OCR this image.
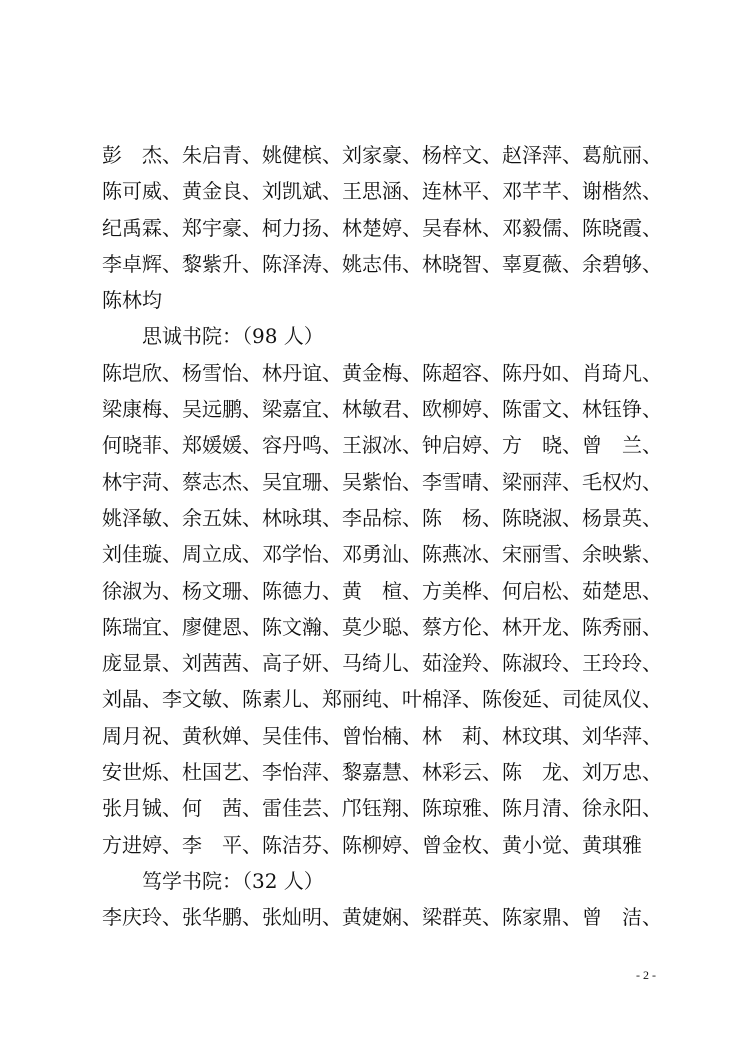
彭　杰、朱启青、姚健槟、刘家豪、杨梓文、赵泽萍、葛航丽、
陈可威、黄金良、刘凯斌、王思涵、连林平、邓芊芊、谢楷然、
纪禹霖、郑宇豪、柯力扬、林楚婷、吴春林、邓毅儒、陈晓霞、
李卓辉、黎紫升、陈泽涛、姚志伟、林晓智、辜夏薇、余碧够、
陈林均
思诚书院：（98 人）
陈垲欣、杨雪怡、林丹谊、黄金梅、陈超容、陈丹如、肖琦凡、
梁康梅、吴远鹏、梁嘉宜、林敏君、欧柳婷、陈雷文、林钰铮、
何晓菲、郑媛媛、容丹鸣、王淑冰、钟启婷、方　晓、曾　兰、
林宇菏、蔡志杰、吴宜珊、吴紫怡、李雪晴、梁丽萍、毛权灼、
姚泽敏、余五妹、林咏琪、李品棕、陈　杨、陈晓淑、杨景英、
刘佳璇、周立成、邓学怡、邓勇汕、陈燕冰、宋丽雪、余映紫、
徐淑为、杨文珊、陈德力、黄　楦、方美桦、何启松、茹楚思、
陈瑞宜、廖健恩、陈文瀚、莫少聪、蔡方伦、林开龙、陈秀丽、
庞显景、刘茜茜、高子妍、马绮儿、茹淦羚、陈淑玲、王玲玲、
刘晶、李文敏、陈素儿、郑丽纯、叶棉泽、陈俊延、司徒凤仪、
周月祝、黄秋婵、吴佳伟、曾怡楠、林　莉、林玟琪、刘华萍、
安世烁、杜国艺、李怡萍、黎嘉慧、林彩云、陈　龙、刘万忠、
张月铖、何　茜、雷佳芸、邝钰翔、陈琼雅、陈月清、徐永阳、
方进婷、李　平、陈洁芬、陈柳婷、曾金枚、黄小觉、黄琪雅
笃学书院：（32 人）
李庆玲、张华鹏、张灿明、黄婕娴、梁群英、陈家鼎、曾　洁、
- 2 -
